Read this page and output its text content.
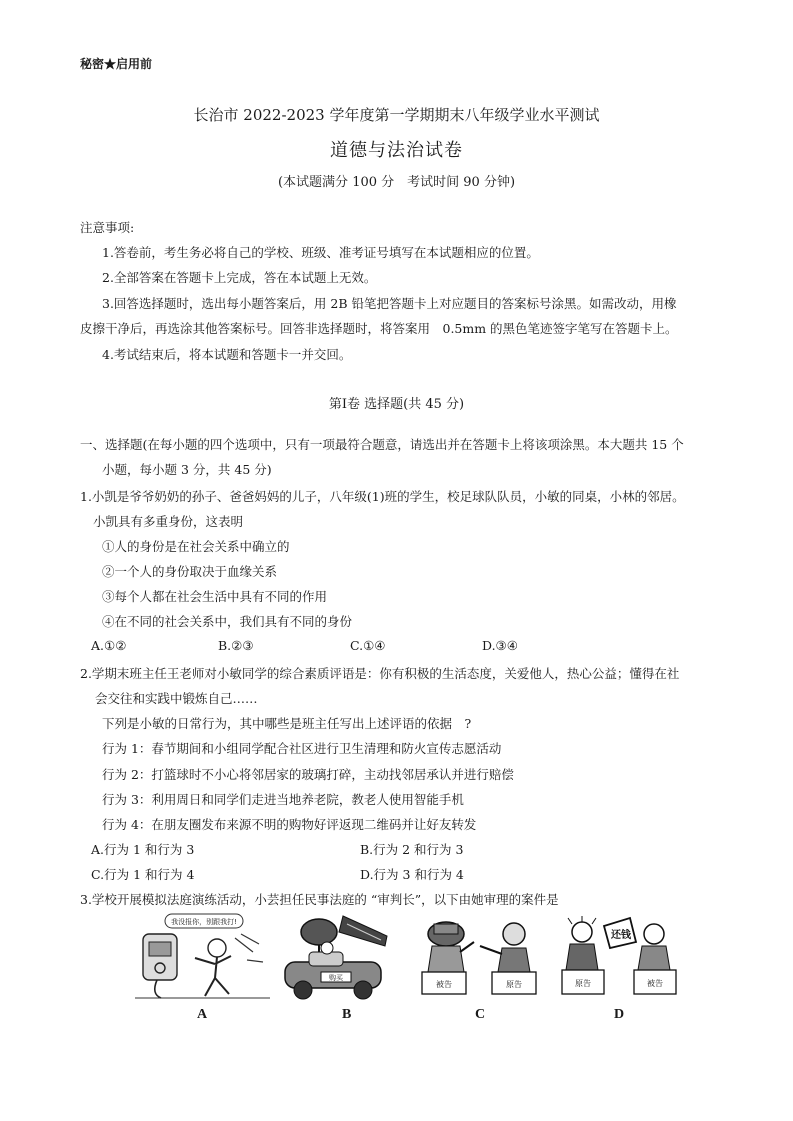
秘密★启用前
长治市 2022-2023 学年度第一学期期末八年级学业水平测试
道德与法治试卷
(本试题满分 100 分　考试时间 90 分钟)
注意事项:
1.答卷前，考生务必将自己的学校、班级、准考证号填写在本试题相应的位置。
2.全部答案在答题卡上完成，答在本试题上无效。
3.回答选择题时，选出每小题答案后，用 2B 铅笔把答题卡上对应题目的答案标号涂黑。如需改动，用橡
皮擦干净后，再选涂其他答案标号。回答非选择题时，将答案用　0.5mm 的黑色笔迹签字笔写在答题卡上。
4.考试结束后，将本试题和答题卡一并交回。
第Ⅰ卷 选择题(共 45 分)
一、选择题(在每小题的四个选项中，只有一项最符合题意，请选出并在答题卡上将该项涂黑。本大题共 15 个
小题，每小题 3 分，共 45 分)
1.小凯是爷爷奶奶的孙子、爸爸妈妈的儿子，八年级(1)班的学生，校足球队队员，小敏的同桌，小林的邻居。
小凯具有多重身份，这表明
①人的身份是在社会关系中确立的
②一个人的身份取决于血缘关系
③每个人都在社会生活中具有不同的作用
④在不同的社会关系中，我们具有不同的身份
A.①②	B.②③	C.①④	D.③④
2.学期末班主任王老师对小敏同学的综合素质评语是：你有积极的生活态度，关爱他人，热心公益；懂得在社
会交往和实践中锻炼自己……
下列是小敏的日常行为，其中哪些是班主任写出上述评语的依据　?
行为 1：春节期间和小组同学配合社区进行卫生清理和防火宣传志愿活动
行为 2：打篮球时不小心将邻居家的玻璃打碎，主动找邻居承认并进行赔偿
行为 3：利用周日和同学们走进当地养老院，教老人使用智能手机
行为 4：在朋友圈发布来源不明的购物好评返现二维码并让好友转发
A.行为 1 和行为 3	B.行为 2 和行为 3
C.行为 1 和行为 4	D.行为 3 和行为 4
3.学校开展模拟法庭演练活动，小芸担任民事法庭的 “审判长”，以下由她审理的案件是
我没报你，别跟我打!
A
购买
B
被告	原告
C
原告
还钱
被告
D
